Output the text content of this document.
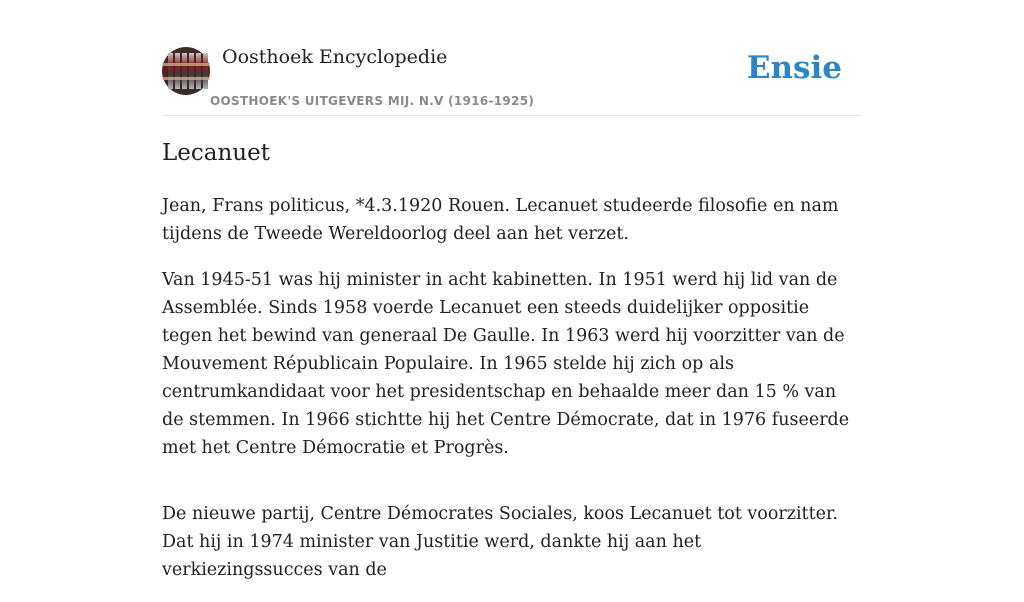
Oosthoek Encyclopedie
OOSTHOEK'S UITGEVERS MIJ. N.V (1916-1925)
Ensie
Lecanuet

Jean, Frans politicus, *4.3.1920 Rouen. Lecanuet studeerde filosofie en nam tijdens de Tweede Wereldoorlog deel aan het verzet.

Van 1945-51 was hij minister in acht kabinetten. In 1951 werd hij lid van de Assemblée. Sinds 1958 voerde Lecanuet een steeds duidelijker oppositie tegen het bewind van generaal De Gaulle. In 1963 werd hij voorzitter van de Mouvement Républicain Populaire. In 1965 stelde hij zich op als centrumkandidaat voor het presidentschap en behaalde meer dan 15 % van de stemmen. In 1966 stichtte hij het Centre Démocrate, dat in 1976 fuseerde met het Centre Démocratie et Progrès.

De nieuwe partij, Centre Démocrates Sociales, koos Lecanuet tot voorzitter. Dat hij in 1974 minister van Justitie werd, dankte hij aan het verkiezingssucces van de
